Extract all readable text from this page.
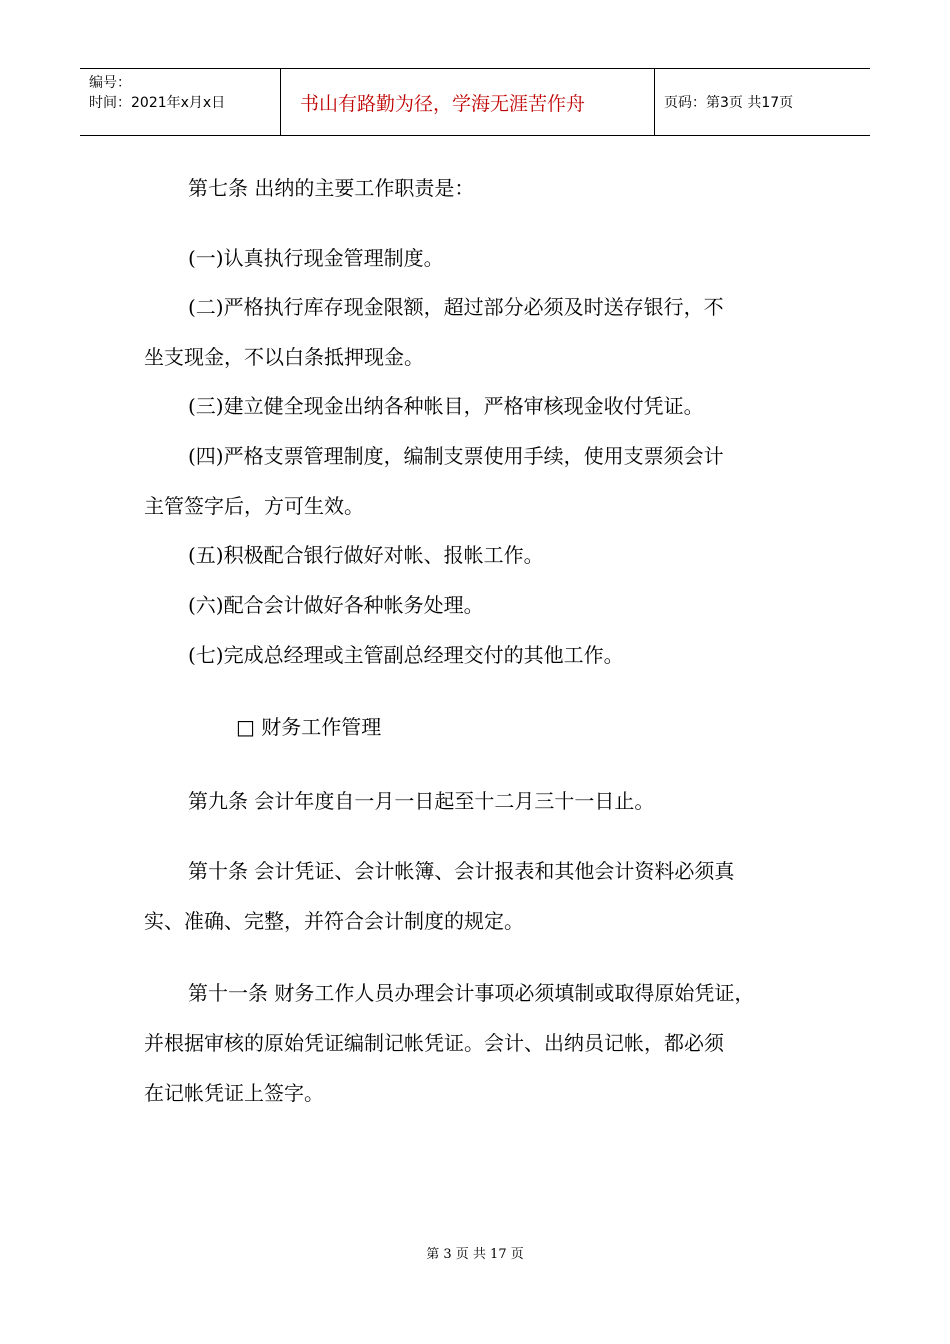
编号：
时间：2021年x月x日	书山有路勤为径，学海无涯苦作舟	页码：第3页 共17页
第七条 出纳的主要工作职责是：
(一)认真执行现金管理制度。
(二)严格执行库存现金限额，超过部分必须及时送存银行，不
坐支现金，不以白条抵押现金。
(三)建立健全现金出纳各种帐目，严格审核现金收付凭证。
(四)严格支票管理制度，编制支票使用手续，使用支票须会计
主管签字后，方可生效。
(五)积极配合银行做好对帐、报帐工作。
(六)配合会计做好各种帐务处理。
(七)完成总经理或主管副总经理交付的其他工作。
□ 财务工作管理
第九条 会计年度自一月一日起至十二月三十一日止。
第十条 会计凭证、会计帐簿、会计报表和其他会计资料必须真
实、准确、完整，并符合会计制度的规定。
第十一条 财务工作人员办理会计事项必须填制或取得原始凭证，
并根据审核的原始凭证编制记帐凭证。会计、出纳员记帐，都必须
在记帐凭证上签字。
第 3 页 共 17 页
